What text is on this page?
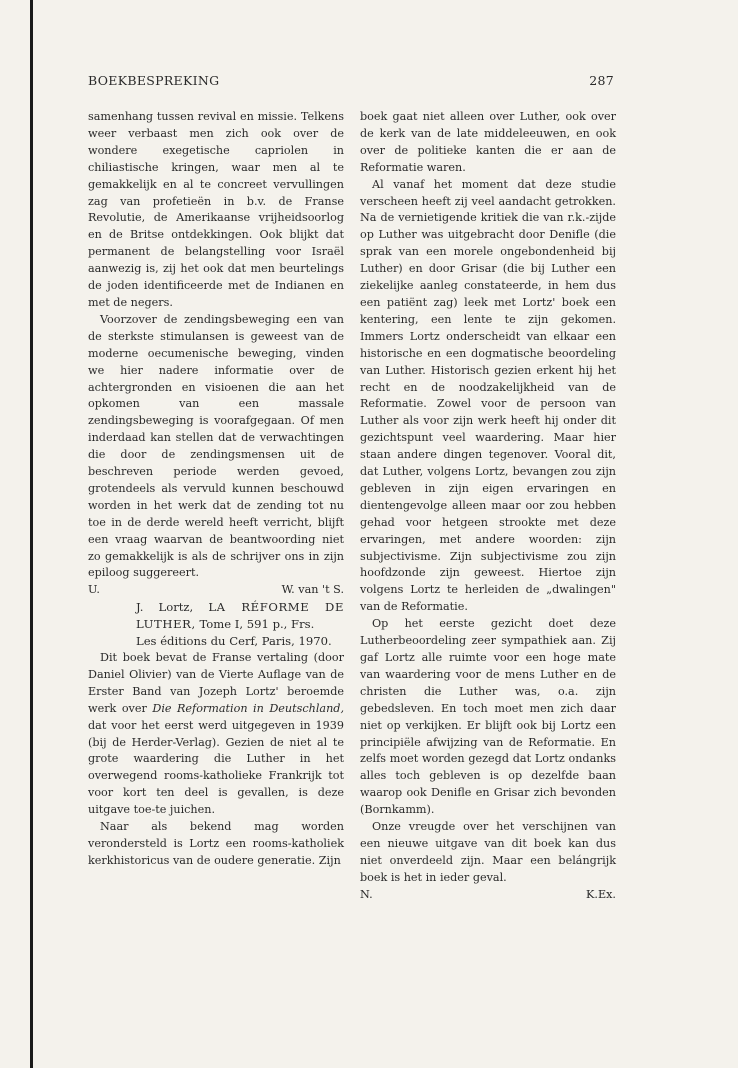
BOEKBESPREKING	287

samenhang tussen revival en missie. Telkens weer verbaast men zich ook over de wondere exegetische capriolen in chiliastische kringen, waar men al te gemakkelijk en al te concreet vervullingen zag van profetieën in b.v. de Franse Revolutie, de Amerikaanse vrijheidsoorlog en de Britse ontdekkingen. Ook blijkt dat permanent de belangstelling voor Israël aanwezig is, zij het ook dat men beurtelings de joden identificeerde met de Indianen en met de negers.

Voorzover de zendingsbeweging een van de sterkste stimulansen is geweest van de moderne oecumenische beweging, vinden we hier nadere informatie over de achtergronden en visioenen die aan het opkomen van een massale zendingsbeweging is voorafgegaan. Of men inderdaad kan stellen dat de verwachtingen die door de zendingsmensen uit de beschreven periode werden gevoed, grotendeels als vervuld kunnen beschouwd worden in het werk dat de zending tot nu toe in de derde wereld heeft verricht, blijft een vraag waarvan de beantwoording niet zo gemakkelijk is als de schrijver ons in zijn epiloog suggereert.

U.	W. van 't S.

J. Lortz, LA RÉFORME DE LUTHER, Tome I, 591 p., Frs.
Les éditions du Cerf, Paris, 1970.

Dit boek bevat de Franse vertaling (door Daniel Olivier) van de Vierte Auflage van de Erster Band van Jozeph Lortz' beroemde werk over Die Reformation in Deutschland, dat voor het eerst werd uitgegeven in 1939 (bij de Herder-Verlag). Gezien de niet al te grote waardering die Luther in het overwegend rooms-katholieke Frankrijk tot voor kort ten deel is gevallen, is deze uitgave toe-te juichen.

Naar als bekend mag worden verondersteld is Lortz een rooms-katholiek kerkhistoricus van de oudere generatie. Zijn

boek gaat niet alleen over Luther, ook over de kerk van de late middeleeuwen, en ook over de politieke kanten die er aan de Reformatie waren.

Al vanaf het moment dat deze studie verscheen heeft zij veel aandacht getrokken. Na de vernietigende kritiek die van r.k.-zijde op Luther was uitgebracht door Denifle (die sprak van een morele ongebondenheid bij Luther) en door Grisar (die bij Luther een ziekelijke aanleg constateerde, in hem dus een patiënt zag) leek met Lortz' boek een kentering, een lente te zijn gekomen. Immers Lortz onderscheidt van elkaar een historische en een dogmatische beoordeling van Luther. Historisch gezien erkent hij het recht en de noodzakelijkheid van de Reformatie. Zowel voor de persoon van Luther als voor zijn werk heeft hij onder dit gezichtspunt veel waardering. Maar hier staan andere dingen tegenover. Vooral dit, dat Luther, volgens Lortz, bevangen zou zijn gebleven in zijn eigen ervaringen en dientengevolge alleen maar oor zou hebben gehad voor hetgeen strookte met deze ervaringen, met andere woorden: zijn subjectivisme. Zijn subjectivisme zou zijn hoofdzonde zijn geweest. Hiertoe zijn volgens Lortz te herleiden de „dwalingen" van de Reformatie.

Op het eerste gezicht doet deze Lutherbeoordeling zeer sympathiek aan. Zij gaf Lortz alle ruimte voor een hoge mate van waardering voor de mens Luther en de christen die Luther was, o.a. zijn gebedsleven. En toch moet men zich daar niet op verkijken. Er blijft ook bij Lortz een principiële afwijzing van de Reformatie. En zelfs moet worden gezegd dat Lortz ondanks alles toch gebleven is op dezelfde baan waarop ook Denifle en Grisar zich bevonden (Bornkamm).

Onze vreugde over het verschijnen van een nieuwe uitgave van dit boek kan dus niet onverdeeld zijn. Maar een belángrijk boek is het in ieder geval.

N.	K.Ex.
